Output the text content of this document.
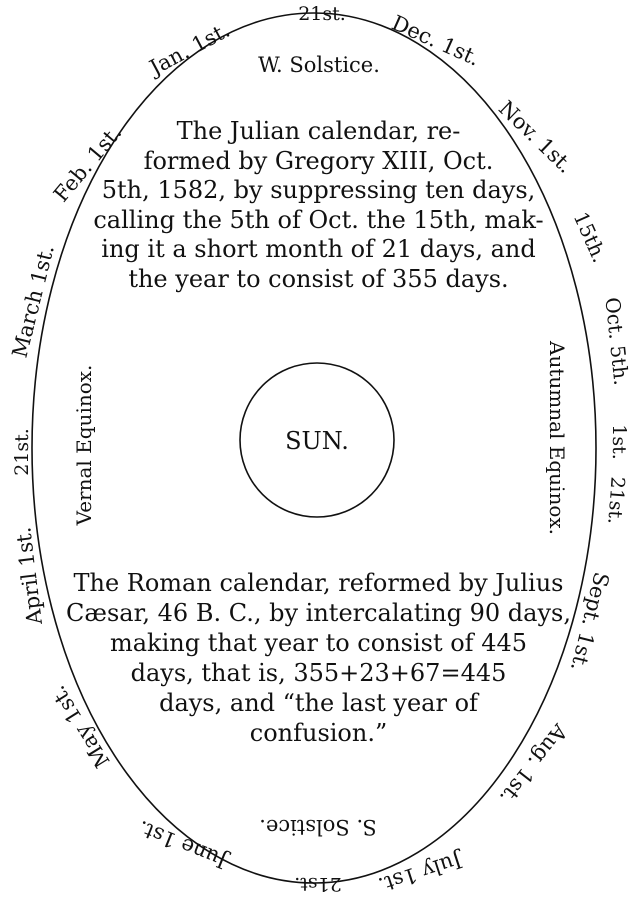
SUN.
W. Solstice.
S. Solstice.
Vernal Equinox.	Autumnal Equinox.
21st. Dec. 1st.
Jan. 1st.
Nov. 1st.
Feb. 1st.
15th.
March 1st.	Oct. 5th.
21st.	1st.
21st.
April 1st.	Sept. 1st.
May 1st.	Aug. 1st.
June 1st.	July 1st.
21st.
The Julian calendar, re-
formed by Gregory XIII, Oct.
5th, 1582, by suppressing ten days,
calling the 5th of Oct. the 15th, mak-
ing it a short month of 21 days, and
the year to consist of 355 days.
The Roman calendar, reformed by Julius
Cæsar, 46 B. C., by intercalating 90 days,
making that year to consist of 445
days, that is, 355+23+67=445
days, and “the last year of
confusion.”
